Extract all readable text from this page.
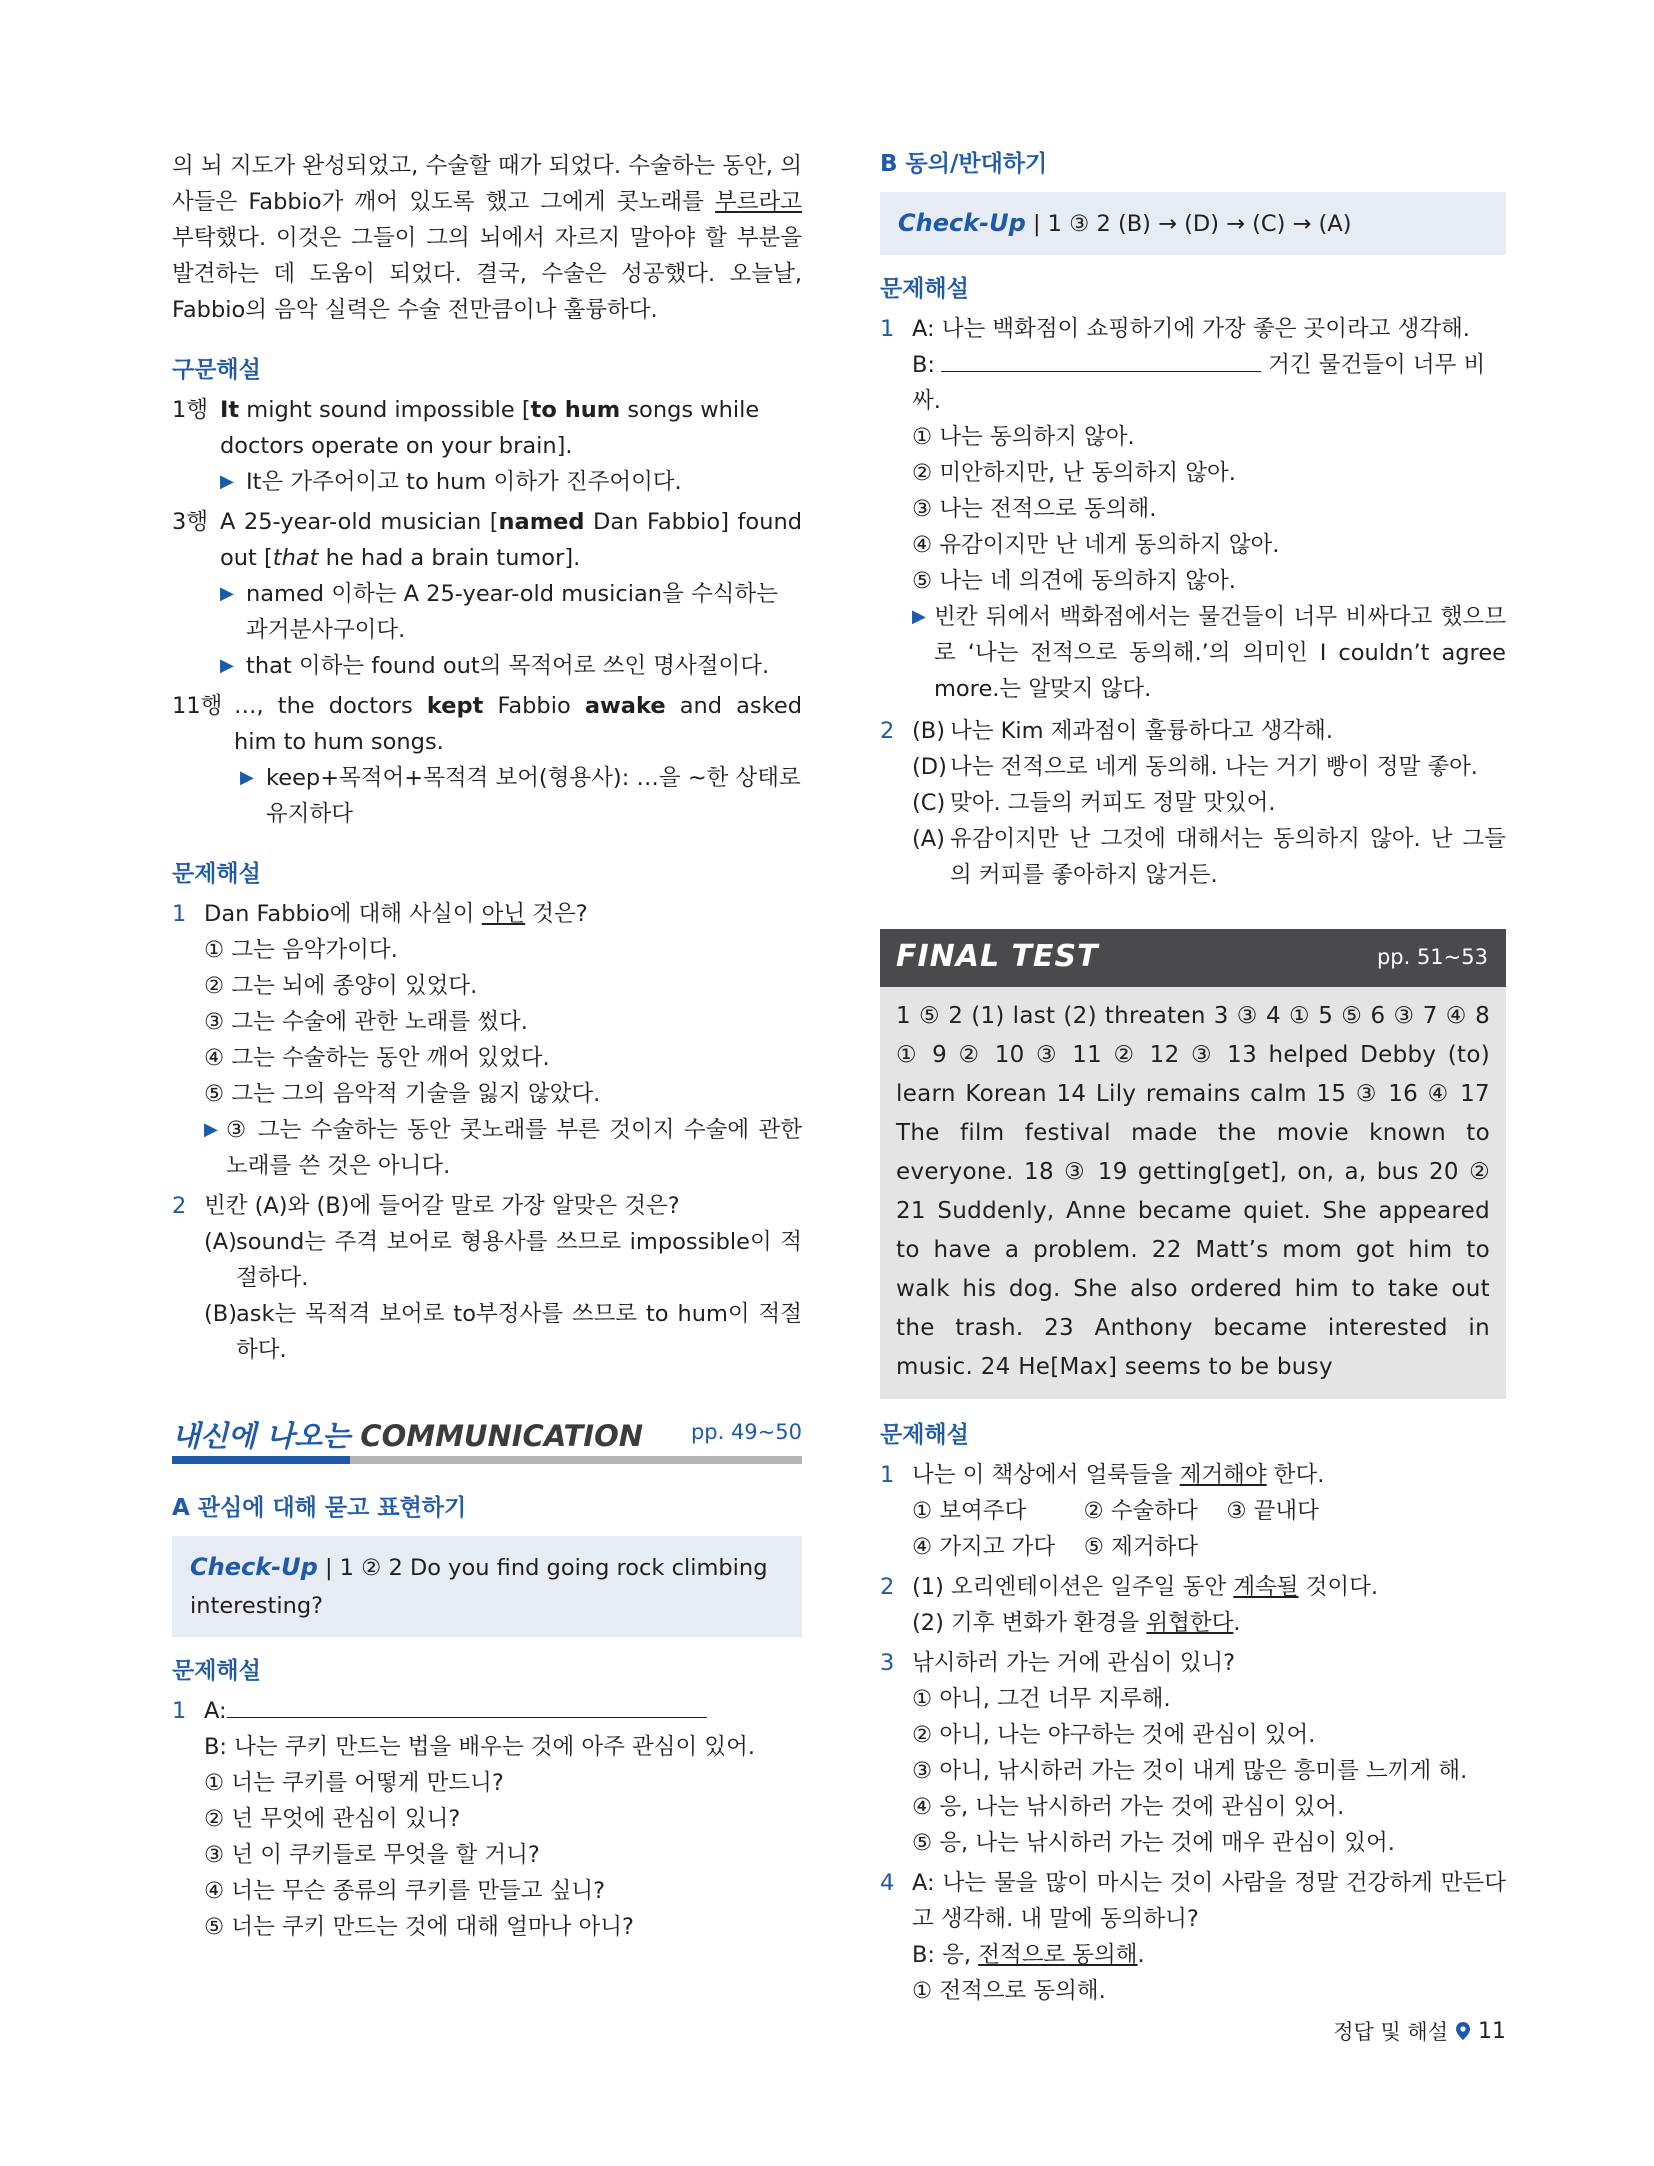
의 뇌 지도가 완성되었고, 수술할 때가 되었다. 수술하는 동안, 의사들은 Fabbio가 깨어 있도록 했고 그에게 콧노래를 부르라고 부탁했다. 이것은 그들이 그의 뇌에서 자르지 말아야 할 부분을 발견하는 데 도움이 되었다. 결국, 수술은 성공했다. 오늘날, Fabbio의 음악 실력은 수술 전만큼이나 훌륭하다.

구문해설
1행 It might sound impossible [to hum songs while doctors operate on your brain].
▶ It은 가주어이고 to hum 이하가 진주어이다.
3행 A 25-year-old musician [named Dan Fabbio] found out [that he had a brain tumor].
▶ named 이하는 A 25-year-old musician을 수식하는 과거분사구이다.
▶ that 이하는 found out의 목적어로 쓰인 명사절이다.
11행 …, the doctors kept Fabbio awake and asked him to hum songs.
▶ keep+목적어+목적격 보어(형용사): …을 ~한 상태로 유지하다
문제해설
1 Dan Fabbio에 대해 사실이 아닌 것은?
① 그는 음악가이다.
② 그는 뇌에 종양이 있었다.
③ 그는 수술에 관한 노래를 썼다.
④ 그는 수술하는 동안 깨어 있었다.
⑤ 그는 그의 음악적 기술을 잃지 않았다.
▶ ③ 그는 수술하는 동안 콧노래를 부른 것이지 수술에 관한 노래를 쓴 것은 아니다.
2 빈칸 (A)와 (B)에 들어갈 말로 가장 알맞은 것은?
(A) sound는 주격 보어로 형용사를 쓰므로 impossible이 적절하다.
(B) ask는 목적격 보어로 to부정사를 쓰므로 to hum이 적절하다.
내신에 나오는 COMMUNICATION pp. 49~50
A 관심에 대해 묻고 표현하기
Check-Up | 1 ② 2 Do you find going rock climbing interesting?
문제해설
1 A:
B: 나는 쿠키 만드는 법을 배우는 것에 아주 관심이 있어.
① 너는 쿠키를 어떻게 만드니?
② 넌 무엇에 관심이 있니?
③ 넌 이 쿠키들로 무엇을 할 거니?
④ 너는 무슨 종류의 쿠키를 만들고 싶니?
⑤ 너는 쿠키 만드는 것에 대해 얼마나 아니?
B 동의/반대하기
Check-Up | 1 ③ 2 (B) → (D) → (C) → (A)
문제해설
1 A: 나는 백화점이 쇼핑하기에 가장 좋은 곳이라고 생각해.
B:	거긴 물건들이 너무 비싸.
① 나는 동의하지 않아.
② 미안하지만, 난 동의하지 않아.
③ 나는 전적으로 동의해.
④ 유감이지만 난 네게 동의하지 않아.
⑤ 나는 네 의견에 동의하지 않아.
▶ 빈칸 뒤에서 백화점에서는 물건들이 너무 비싸다고 했으므로 ‘나는 전적으로 동의해.’의 의미인 I couldn’t agree more.는 알맞지 않다.
2 (B) 나는 Kim 제과점이 훌륭하다고 생각해.
(D) 나는 전적으로 네게 동의해. 나는 거기 빵이 정말 좋아.
(C) 맞아. 그들의 커피도 정말 맛있어.
(A) 유감이지만 난 그것에 대해서는 동의하지 않아. 난 그들의 커피를 좋아하지 않거든.
FINAL TEST	pp. 51~53
1 ⑤ 2 (1) last (2) threaten 3 ③ 4 ① 5 ⑤ 6 ③ 7 ④ 8 ① 9 ② 10 ③ 11 ② 12 ③ 13 helped Debby (to) learn Korean 14 Lily remains calm 15 ③ 16 ④ 17 The film festival made the movie known to everyone. 18 ③ 19 getting[get], on, a, bus 20 ② 21 Suddenly, Anne became quiet. She appeared to have a problem. 22 Matt’s mom got him to walk his dog. She also ordered him to take out the trash. 23 Anthony became interested in music. 24 He[Max] seems to be busy
문제해설
1 나는 이 책상에서 얼룩들을 제거해야 한다.
① 보여주다        ② 수술하다    ③ 끝내다
④ 가지고 가다    ⑤ 제거하다
2 (1) 오리엔테이션은 일주일 동안 계속될 것이다.
(2) 기후 변화가 환경을 위협한다.
3 낚시하러 가는 거에 관심이 있니?
① 아니, 그건 너무 지루해.
② 아니, 나는 야구하는 것에 관심이 있어.
③ 아니, 낚시하러 가는 것이 내게 많은 흥미를 느끼게 해.
④ 응, 나는 낚시하러 가는 것에 관심이 있어.
⑤ 응, 나는 낚시하러 가는 것에 매우 관심이 있어.
4 A: 나는 물을 많이 마시는 것이 사람을 정말 건강하게 만든다고 생각해. 내 말에 동의하니?
B: 응, 전적으로 동의해.
① 전적으로 동의해.
정답 및 해설 11
